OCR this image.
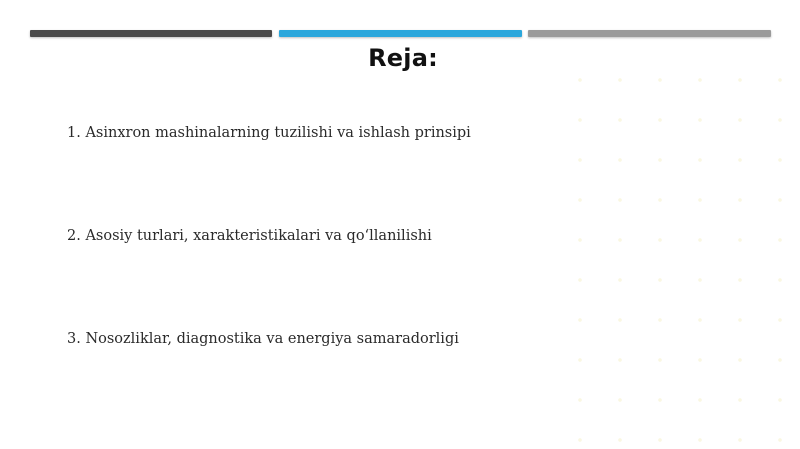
Reja:
1. Asinxron mashinalarning tuzilishi va ishlash prinsipi
2. Asosiy turlari, xarakteristikalari va qo‘llanilishi
3. Nosozliklar, diagnostika va energiya samaradorligi
